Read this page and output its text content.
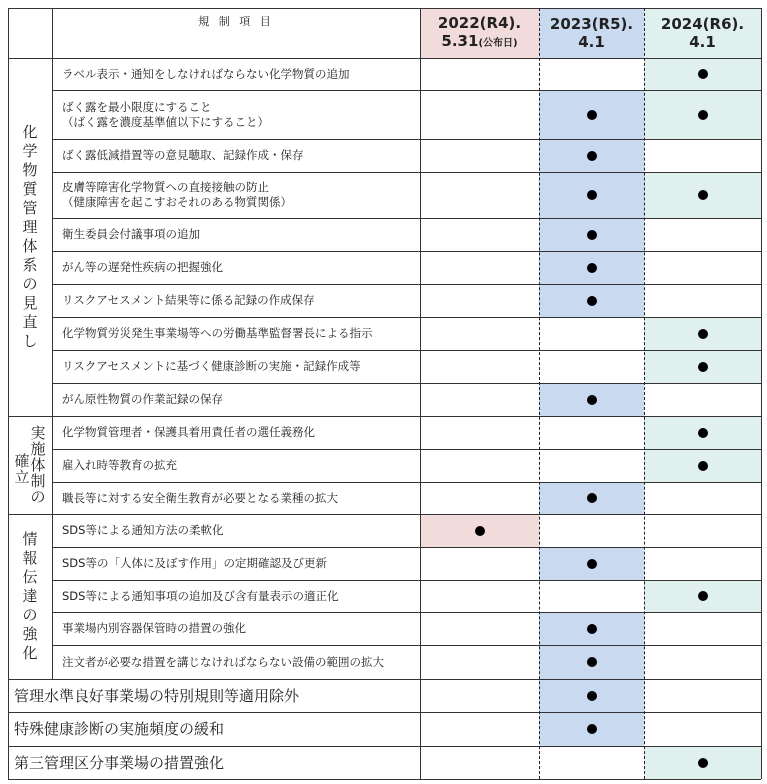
2022(R4).
5.31(公布日)
2023(R5).
4.1
2024(R6).
4.1
規 制 項 目
ラベル表示・通知をしなければならない化学物質の追加
ばく露を最小限度にすること
（ばく露を濃度基準値以下にすること）
ばく露低減措置等の意見聴取、記録作成・保存
皮膚等障害化学物質への直接接触の防止
（健康障害を起こすおそれのある物質関係）
衛生委員会付議事項の追加
がん等の遅発性疾病の把握強化
リスクアセスメント結果等に係る記録の作成保存
化学物質労災発生事業場等への労働基準監督署長による指示
リスクアセスメントに基づく健康診断の実施・記録作成等
がん原性物質の作業記録の保存
化学物質管理者・保護具着用責任者の選任義務化
雇入れ時等教育の拡充
職長等に対する安全衛生教育が必要となる業種の拡大
SDS等による通知方法の柔軟化
SDS等の「人体に及ぼす作用」の定期確認及び更新
SDS等による通知事項の追加及び含有量表示の適正化
事業場内別容器保管時の措置の強化
注文者が必要な措置を講じなければならない設備の範囲の拡大
管理水準良好事業場の特別規則等適用除外
特殊健康診断の実施頻度の緩和
第三管理区分事業場の措置強化
化
学
物
質
管
理
体
系
の
見
直
し
確
立
実
施
体
制
の
情
報
伝
達
の
強
化
